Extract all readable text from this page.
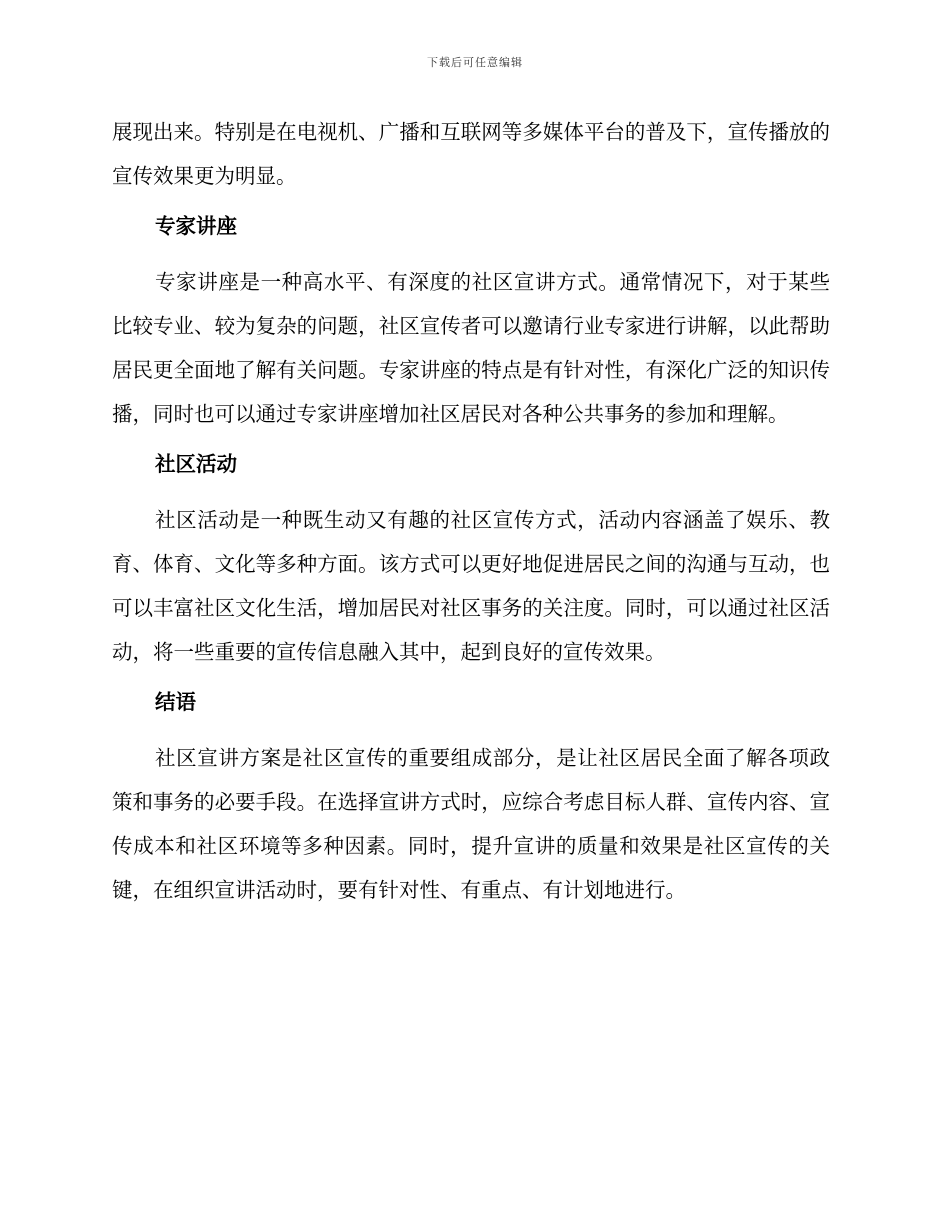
下载后可任意编辑

展现出来。特别是在电视机、广播和互联网等多媒体平台的普及下，宣传播放的宣传效果更为明显。

专家讲座

专家讲座是一种高水平、有深度的社区宣讲方式。通常情况下，对于某些比较专业、较为复杂的问题，社区宣传者可以邀请行业专家进行讲解，以此帮助居民更全面地了解有关问题。专家讲座的特点是有针对性，有深化广泛的知识传播，同时也可以通过专家讲座增加社区居民对各种公共事务的参加和理解。

社区活动

社区活动是一种既生动又有趣的社区宣传方式，活动内容涵盖了娱乐、教育、体育、文化等多种方面。该方式可以更好地促进居民之间的沟通与互动，也可以丰富社区文化生活，增加居民对社区事务的关注度。同时，可以通过社区活动，将一些重要的宣传信息融入其中，起到良好的宣传效果。

结语

社区宣讲方案是社区宣传的重要组成部分，是让社区居民全面了解各项政策和事务的必要手段。在选择宣讲方式时，应综合考虑目标人群、宣传内容、宣传成本和社区环境等多种因素。同时，提升宣讲的质量和效果是社区宣传的关键，在组织宣讲活动时，要有针对性、有重点、有计划地进行。
